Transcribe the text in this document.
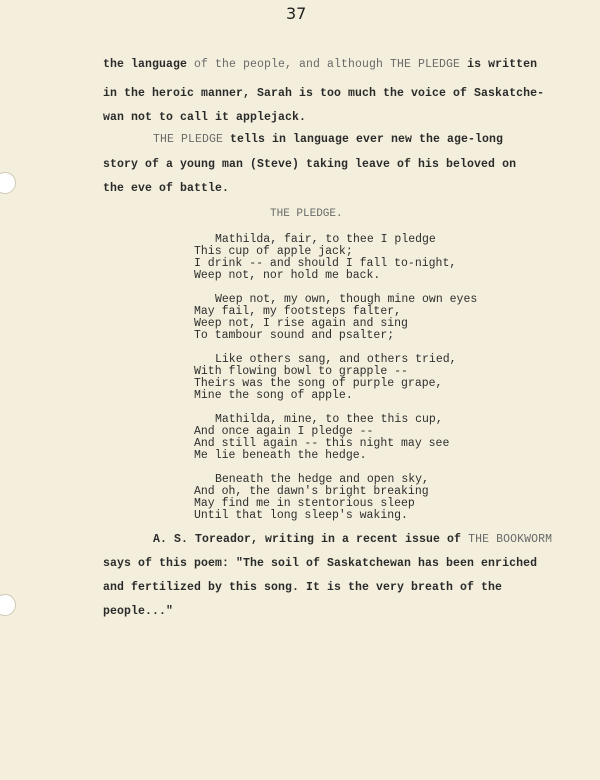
37
the language of the people, and although THE PLEDGE is written
in the heroic manner, Sarah is too much the voice of Saskatche-
wan not to call it applejack.
THE PLEDGE tells in language ever new the age-long
story of a young man (Steve) taking leave of his beloved on
the eve of battle.
THE PLEDGE.
Mathilda, fair, to thee I pledge
This cup of apple jack;
I drink -- and should I fall to-night,
Weep not, nor hold me back.
Weep not, my own, though mine own eyes
May fail, my footsteps falter,
Weep not, I rise again and sing
To tambour sound and psalter;
Like others sang, and others tried,
With flowing bowl to grapple --
Theirs was the song of purple grape,
Mine the song of apple.
Mathilda, mine, to thee this cup,
And once again I pledge --
And still again -- this night may see
Me lie beneath the hedge.
Beneath the hedge and open sky,
And oh, the dawn's bright breaking
May find me in stentorious sleep
Until that long sleep's waking.
A. S. Toreador, writing in a recent issue of THE BOOKWORM
says of this poem: "The soil of Saskatchewan has been enriched
and fertilized by this song. It is the very breath of the
people..."
